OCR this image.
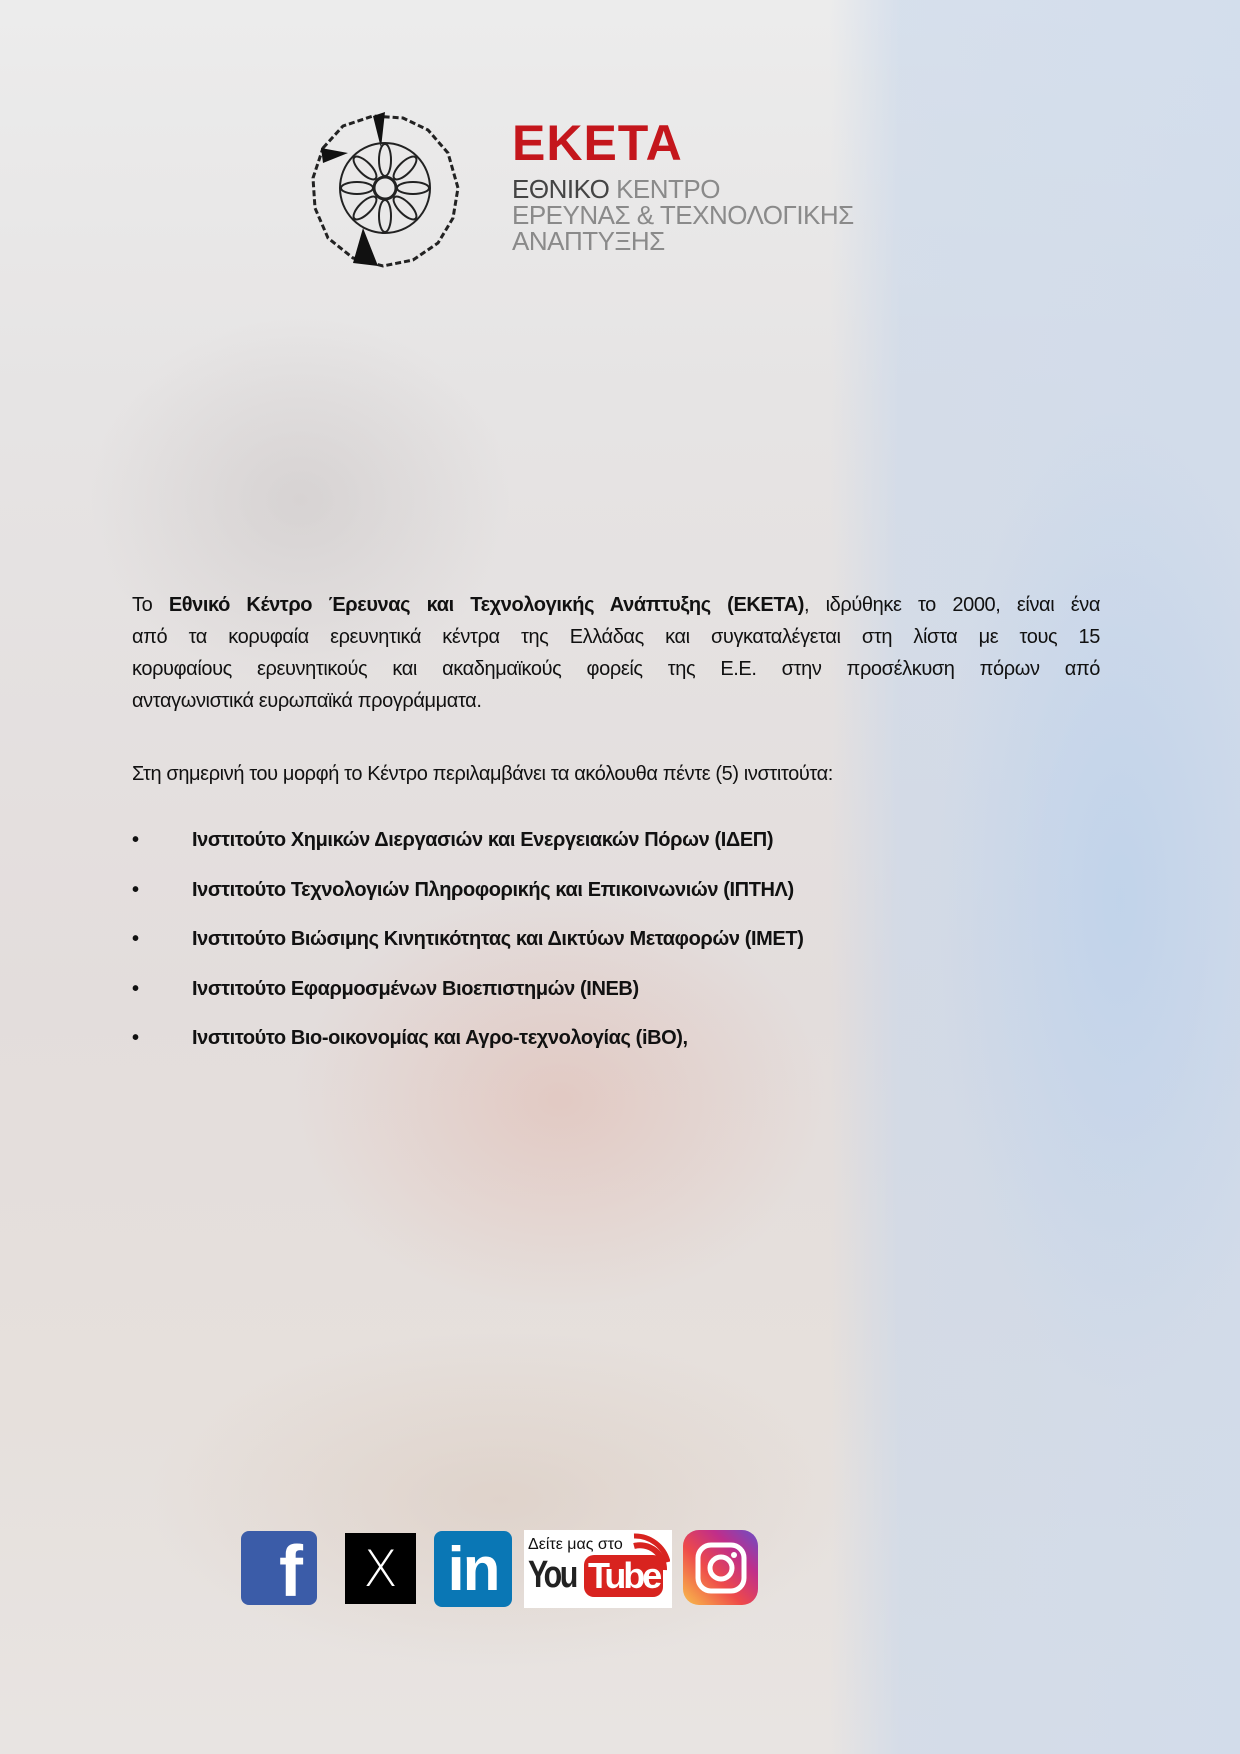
ΕΚΕΤΑ
ΕΘΝΙΚΟ ΚΕΝΤΡΟ
ΕΡΕΥΝΑΣ & ΤΕΧΝΟΛΟΓΙΚΗΣ
ΑΝΑΠΤΥΞΗΣ
Το Εθνικό Κέντρο Έρευνας και Τεχνολογικής Ανάπτυξης (ΕΚΕΤΑ), ιδρύθηκε το 2000, είναι ένα
από τα κορυφαία ερευνητικά κέντρα της Ελλάδας και συγκαταλέγεται στη λίστα με τους 15
κορυφαίους ερευνητικούς και ακαδημαϊκούς φορείς της Ε.Ε. στην προσέλκυση πόρων από
ανταγωνιστικά ευρωπαϊκά προγράμματα.
Στη σημερινή του μορφή το Κέντρο περιλαμβάνει τα ακόλουθα πέντε (5) ινστιτούτα:
•	Ινστιτούτο Χημικών Διεργασιών και Ενεργειακών Πόρων (ΙΔΕΠ)
•	Ινστιτούτο Τεχνολογιών Πληροφορικής και Επικοινωνιών (ΙΠΤΗΛ)
•	Ινστιτούτο Βιώσιμης Κινητικότητας και Δικτύων Μεταφορών (ΙΜΕΤ)
•	Ινστιτούτο Εφαρμοσμένων Βιοεπιστημών (ΙΝΕΒ)
•	Ινστιτούτο Βιο-οικονομίας και Αγρο-τεχνολογίας (iBO),
f X in Δείτε μας στο
You Tube
